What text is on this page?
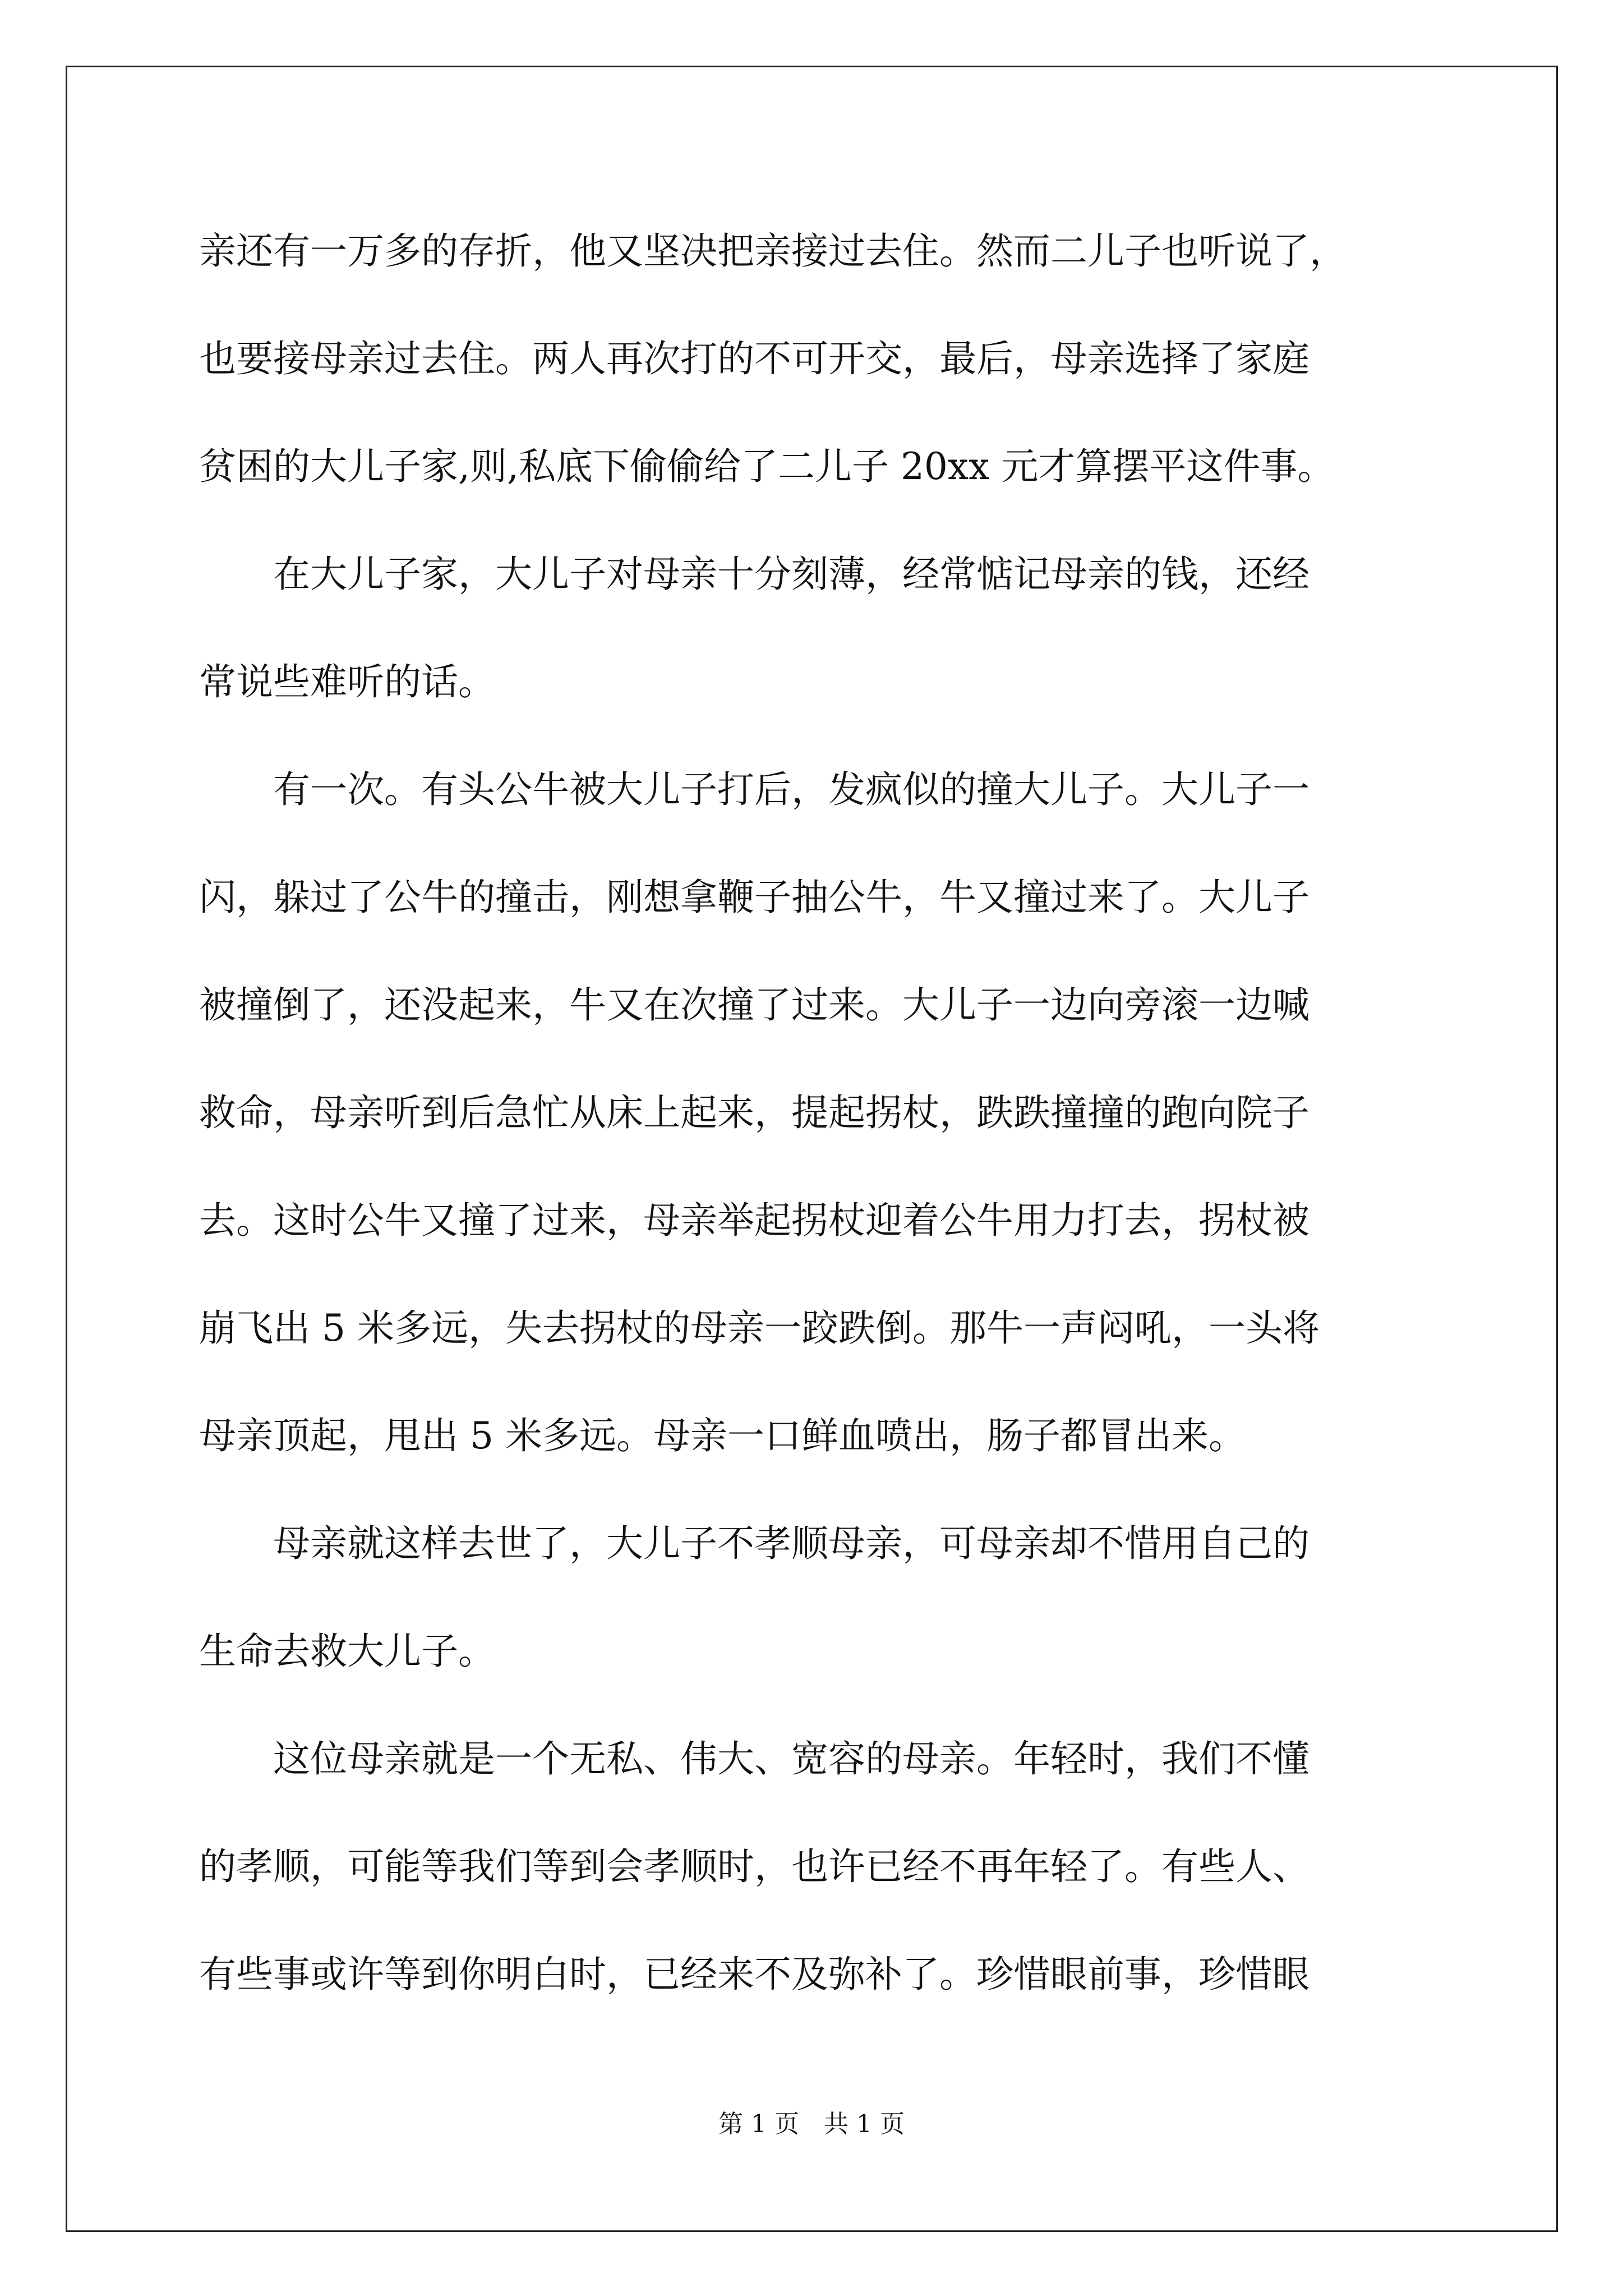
亲还有一万多的存折，他又坚决把亲接过去住。然而二儿子也听说了，

也要接母亲过去住。两人再次打的不可开交，最后，母亲选择了家庭

贫困的大儿子家,则,私底下偷偷给了二儿子 20xx 元才算摆平这件事。

在大儿子家，大儿子对母亲十分刻薄，经常惦记母亲的钱，还经

常说些难听的话。

有一次。有头公牛被大儿子打后，发疯似的撞大儿子。大儿子一

闪，躲过了公牛的撞击，刚想拿鞭子抽公牛，牛又撞过来了。大儿子

被撞倒了，还没起来，牛又在次撞了过来。大儿子一边向旁滚一边喊

救命，母亲听到后急忙从床上起来，提起拐杖，跌跌撞撞的跑向院子

去。这时公牛又撞了过来，母亲举起拐杖迎着公牛用力打去，拐杖被

崩飞出 5 米多远，失去拐杖的母亲一跤跌倒。那牛一声闷吼，一头将

母亲顶起，甩出 5 米多远。母亲一口鲜血喷出，肠子都冒出来。

母亲就这样去世了，大儿子不孝顺母亲，可母亲却不惜用自己的

生命去救大儿子。

这位母亲就是一个无私、伟大、宽容的母亲。年轻时，我们不懂

的孝顺，可能等我们等到会孝顺时，也许已经不再年轻了。有些人、

有些事或许等到你明白时，已经来不及弥补了。珍惜眼前事，珍惜眼

第 1 页　共 1 页
